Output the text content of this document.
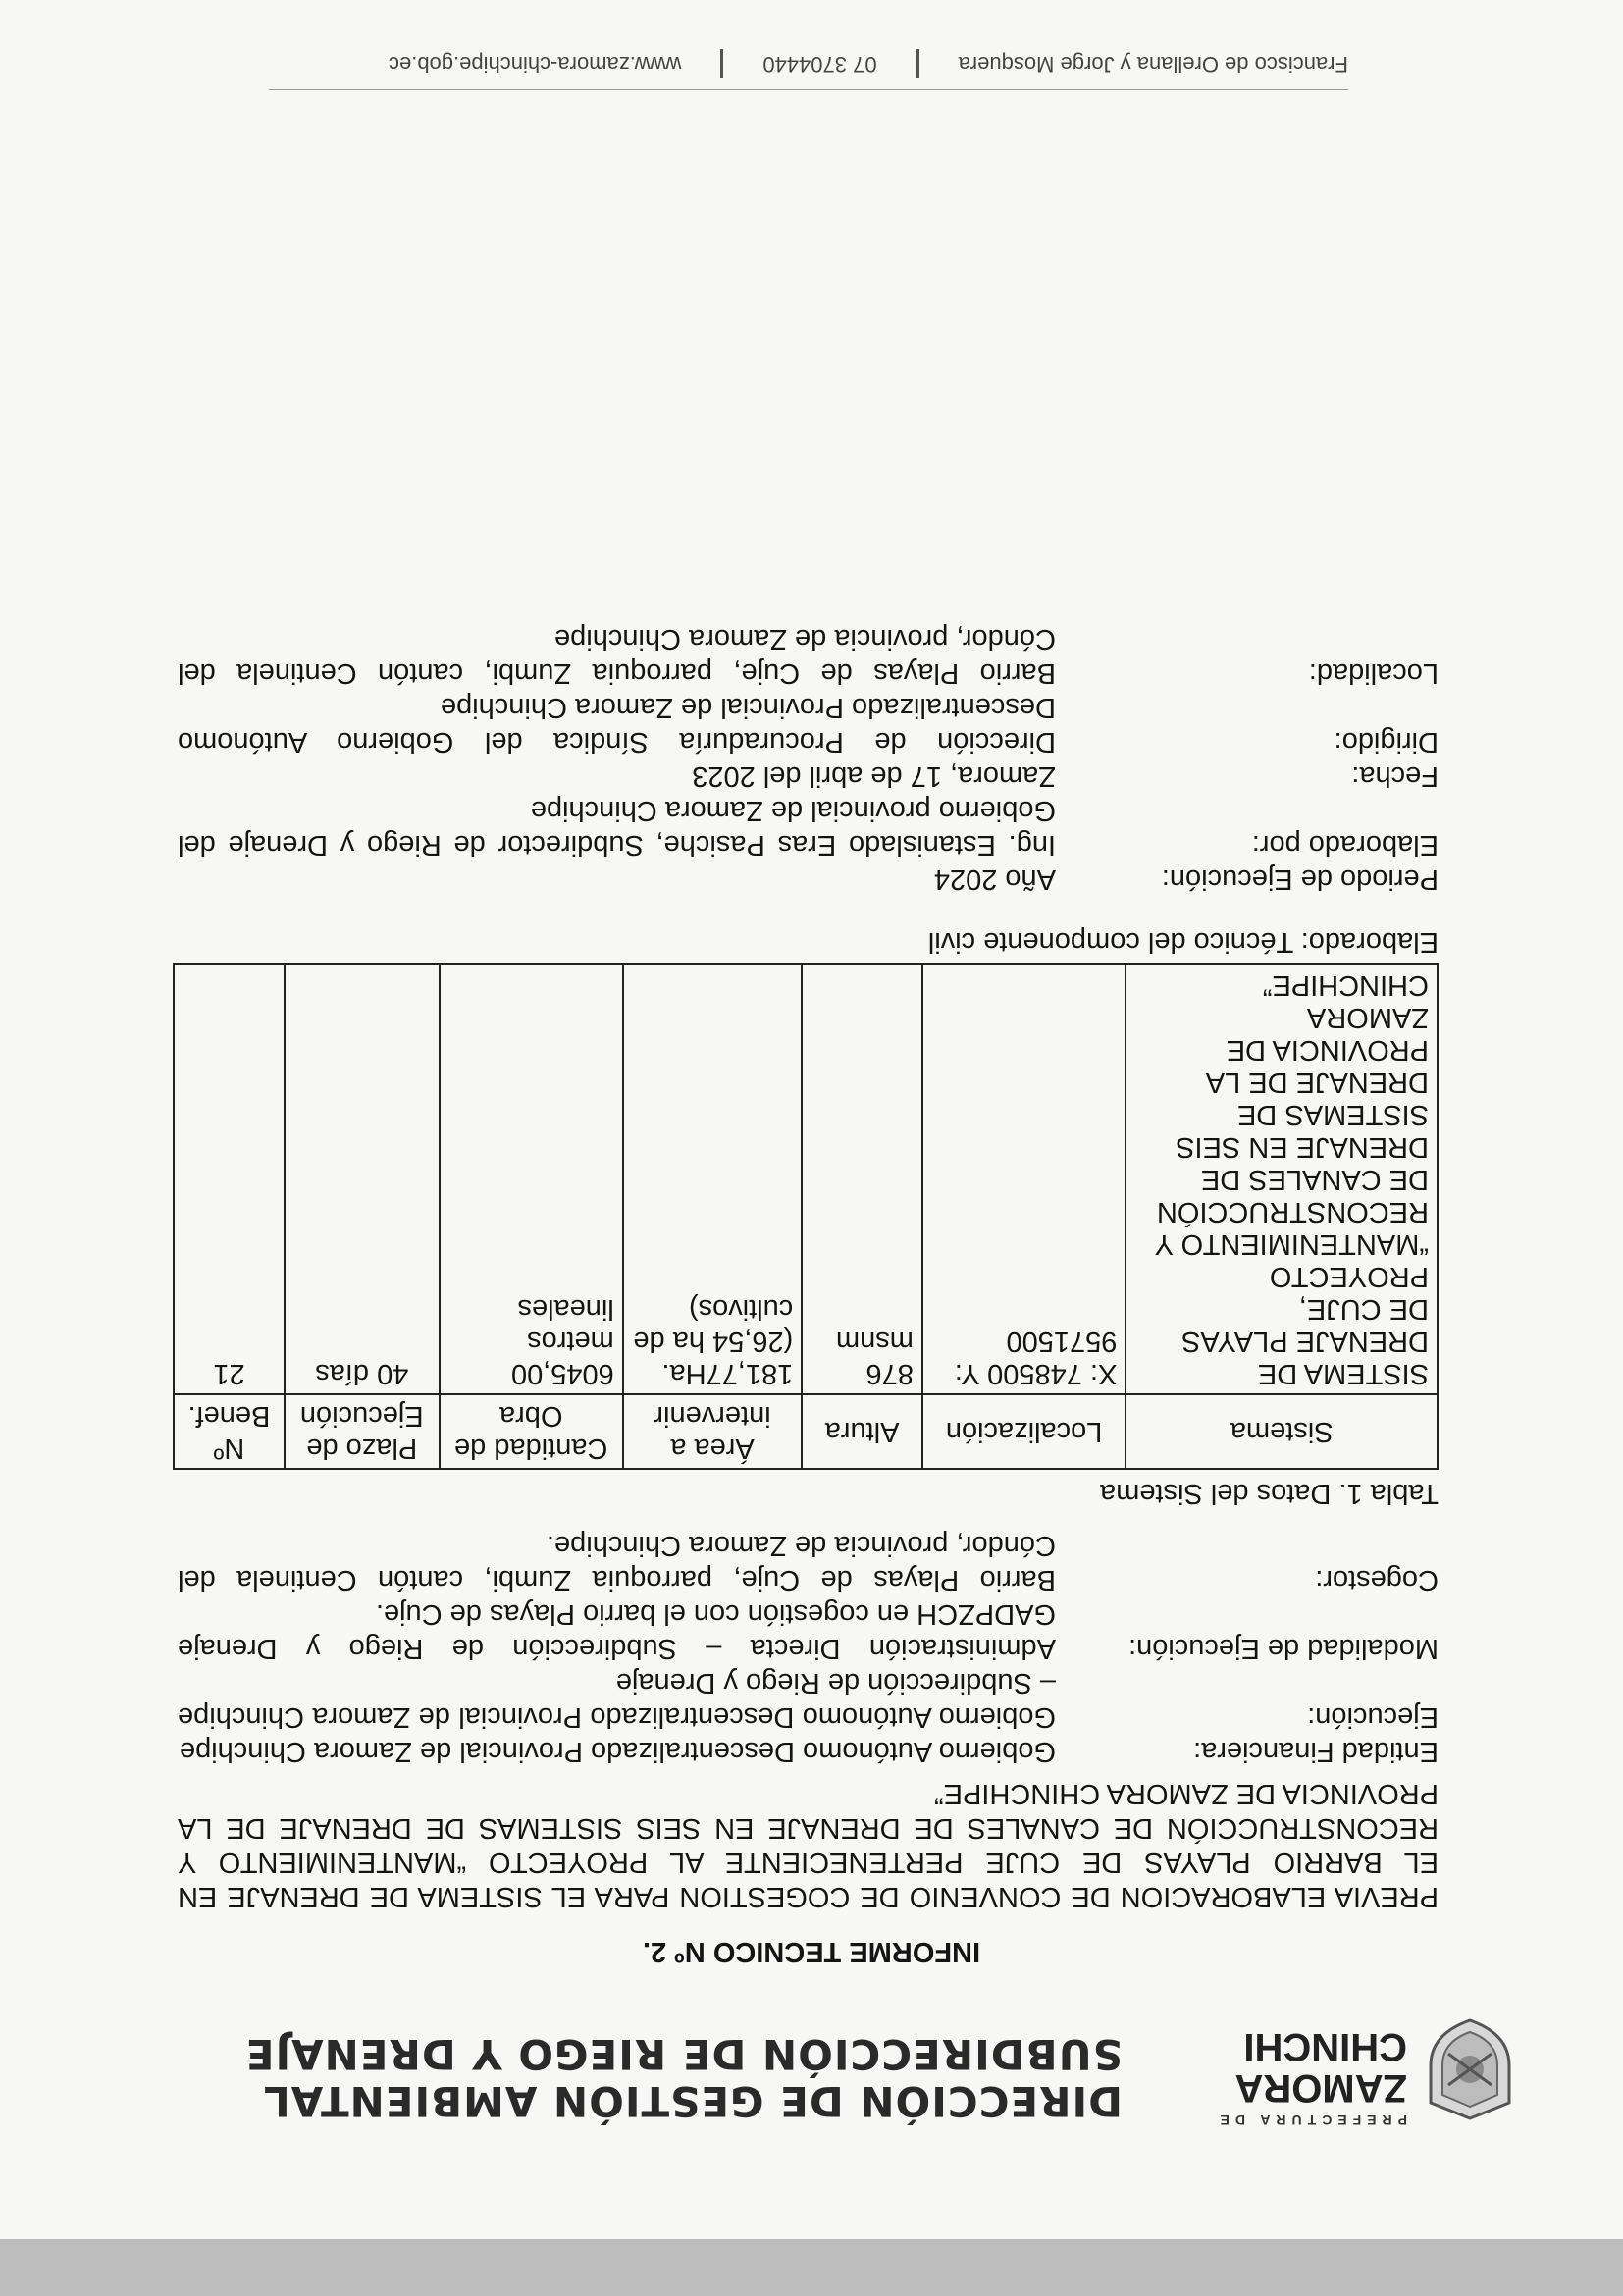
PREFECTURA DE
ZAMORA
CHINCHI
DIRECCIÓN DE GESTIÓN AMBIENTAL SUBDIRECCIÓN DE RIEGO Y DRENAJE
INFORME TECNICO Nº 2.

PREVIA ELABORACION DE CONVENIO DE COGESTION PARA EL SISTEMA DE DRENAJE EN EL BARRIO PLAYAS DE CUJE PERTENECIENTE AL PROYECTO “MANTENIMIENTO Y RECONSTRUCCIÓN DE CANALES DE DRENAJE EN SEIS SISTEMAS DE DRENAJE DE LA PROVINCIA DE ZAMORA CHINCHIPE”

Entidad Financiera:
Gobierno Autónomo Descentralizado Provincial de Zamora Chinchipe
Ejecución:
Gobierno Autónomo Descentralizado Provincial de Zamora Chinchipe – Subdirección de Riego y Drenaje
Modalidad de Ejecución:
Administración Directa – Subdirección de Riego y Drenaje GADPZCH en cogestión con el barrio Playas de Cuje.
Cogestor:
Barrio Playas de Cuje, parroquia Zumbi, cantón Centinela del Cóndor, provincia de Zamora Chinchipe.

Tabla 1. Datos del Sistema

Sistema	Localización	Altura	Área a intervenir	Cantidad de Obra	Plazo de Ejecución	Nº Benef.
SISTEMA DE DRENAJE PLAYAS DE CUJE, PROYECTO “MANTENIMIENTO Y RECONSTRUCCIÓN DE CANALES DE DRENAJE EN SEIS SISTEMAS DE DRENAJE DE LA PROVINCIA DE ZAMORA CHINCHIPE”	X: 748500 Y: 9571500	876 msnm	181,77Ha. (26,54 ha de cultivos)	6045,00 metros lineales	40 días	21

Elaborado: Técnico del componente civil

Periodo de Ejecución:
Año 2024
Elaborado por:
Ing. Estanislado Eras Pasiche, Subdirector de Riego y Drenaje del Gobierno provincial de Zamora Chinchipe
Fecha:
Zamora, 17 de abril del 2023
Dirigido:
Dirección de Procuraduría Síndica del Gobierno Autónomo Descentralizado Provincial de Zamora Chinchipe
Localidad:
Barrio Playas de Cuje, parroquia Zumbi, cantón Centinela del Cóndor, provincia de Zamora Chinchipe
Francisco de Orellana y Jorge Mosquera
07 3704440
www.zamora-chinchipe.gob.ec
